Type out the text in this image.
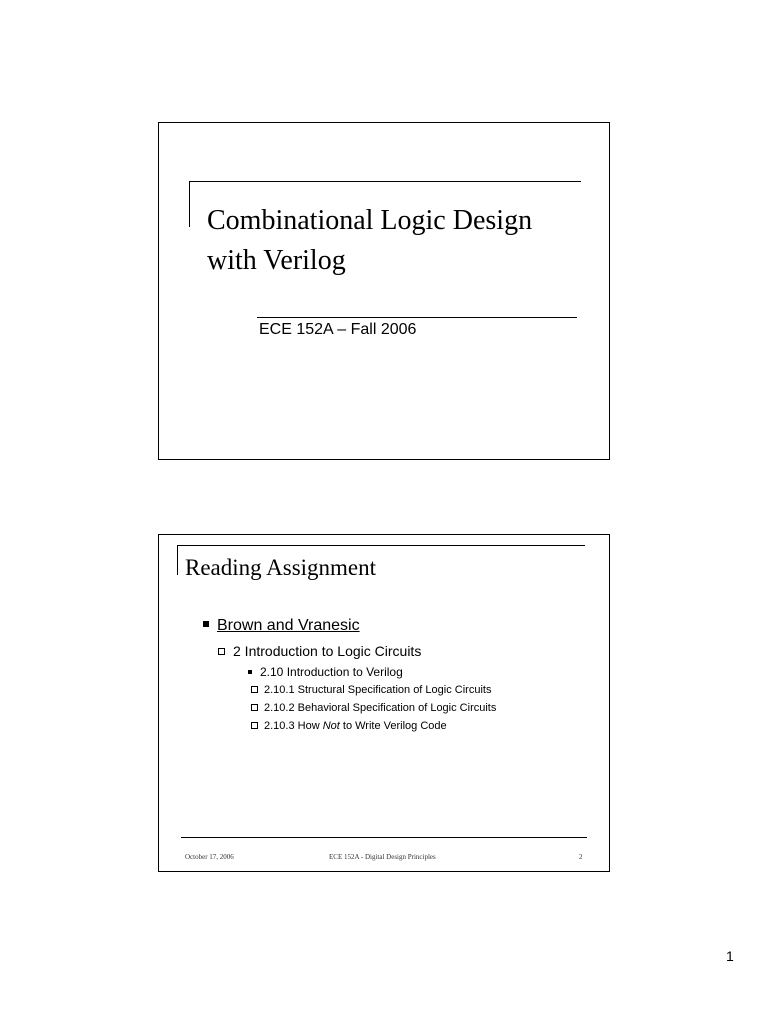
Combinational Logic Design with Verilog
ECE 152A – Fall 2006
Reading Assignment
Brown and Vranesic
2 Introduction to Logic Circuits
2.10 Introduction to Verilog
2.10.1 Structural Specification of Logic Circuits
2.10.2 Behavioral Specification of Logic Circuits
2.10.3 How Not to Write Verilog Code
October 17, 2006	ECE 152A - Digital Design Principles	2
1
